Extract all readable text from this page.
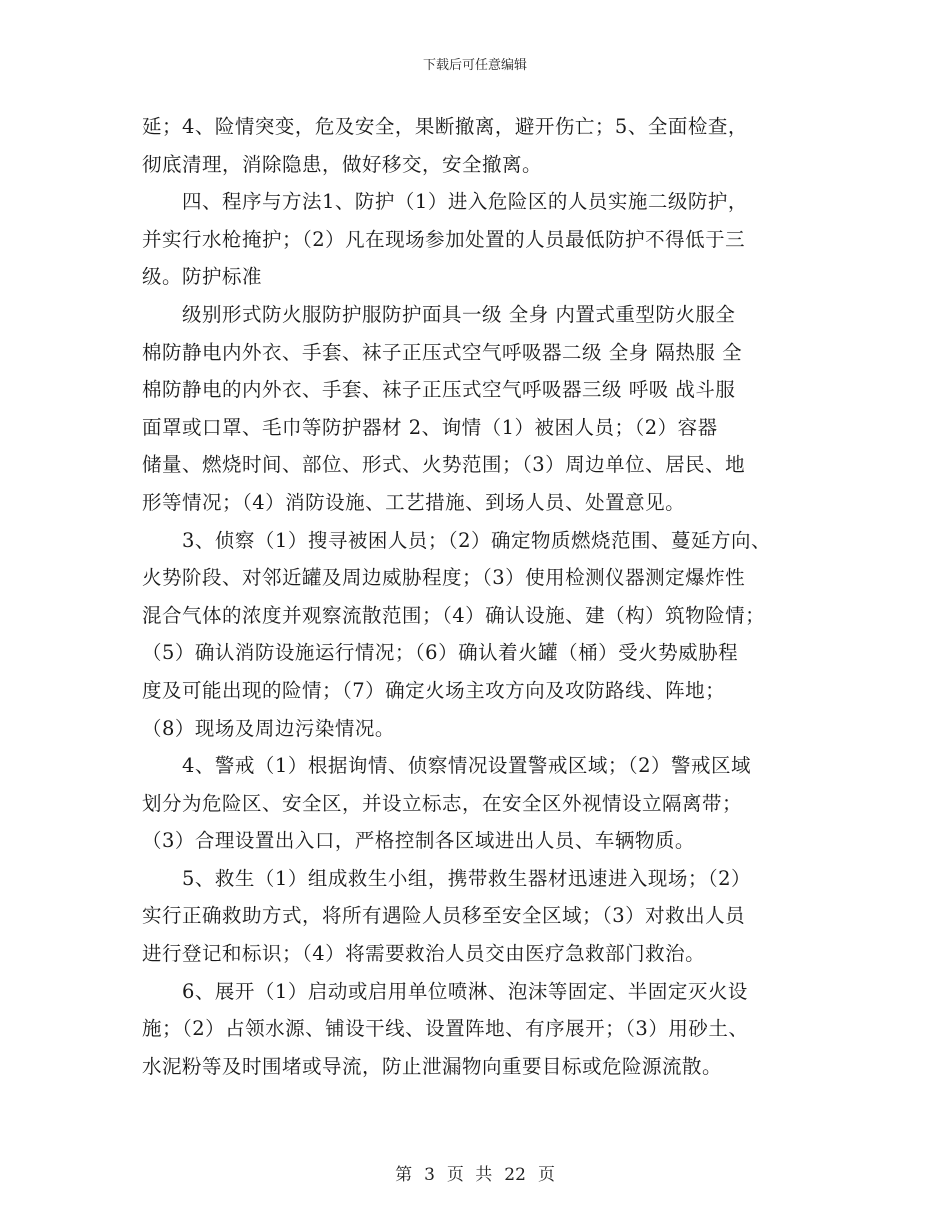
下载后可任意编辑
延；4、险情突变，危及安全，果断撤离，避开伤亡；5、全面检查，
彻底清理，消除隐患，做好移交，安全撤离。
　　四、程序与方法1、防护（1）进入危险区的人员实施二级防护，
并实行水枪掩护；（2）凡在现场参加处置的人员最低防护不得低于三
级。防护标准
　　级别形式防火服防护服防护面具一级 全身 内置式重型防火服全
棉防静电内外衣、手套、袜子正压式空气呼吸器二级 全身 隔热服 全
棉防静电的内外衣、手套、袜子正压式空气呼吸器三级 呼吸 战斗服
面罩或口罩、毛巾等防护器材 2、询情（1）被困人员；（2）容器
储量、燃烧时间、部位、形式、火势范围；（3）周边单位、居民、地
形等情况；（4）消防设施、工艺措施、到场人员、处置意见。
　　3、侦察（1）搜寻被困人员；（2）确定物质燃烧范围、蔓延方向、
火势阶段、对邻近罐及周边威胁程度；（3）使用检测仪器测定爆炸性
混合气体的浓度并观察流散范围；（4）确认设施、建（构）筑物险情；
（5）确认消防设施运行情况；（6）确认着火罐（桶）受火势威胁程
度及可能出现的险情；（7）确定火场主攻方向及攻防路线、阵地；
（8）现场及周边污染情况。
　　4、警戒（1）根据询情、侦察情况设置警戒区域；（2）警戒区域
划分为危险区、安全区，并设立标志，在安全区外视情设立隔离带；
（3）合理设置出入口，严格控制各区域进出人员、车辆物质。
　　5、救生（1）组成救生小组，携带救生器材迅速进入现场；（2）
实行正确救助方式，将所有遇险人员移至安全区域；（3）对救出人员
进行登记和标识；（4）将需要救治人员交由医疗急救部门救治。
　　6、展开（1）启动或启用单位喷淋、泡沫等固定、半固定灭火设
施；（2）占领水源、铺设干线、设置阵地、有序展开；（3）用砂土、
水泥粉等及时围堵或导流，防止泄漏物向重要目标或危险源流散。
第 3 页 共 22 页
